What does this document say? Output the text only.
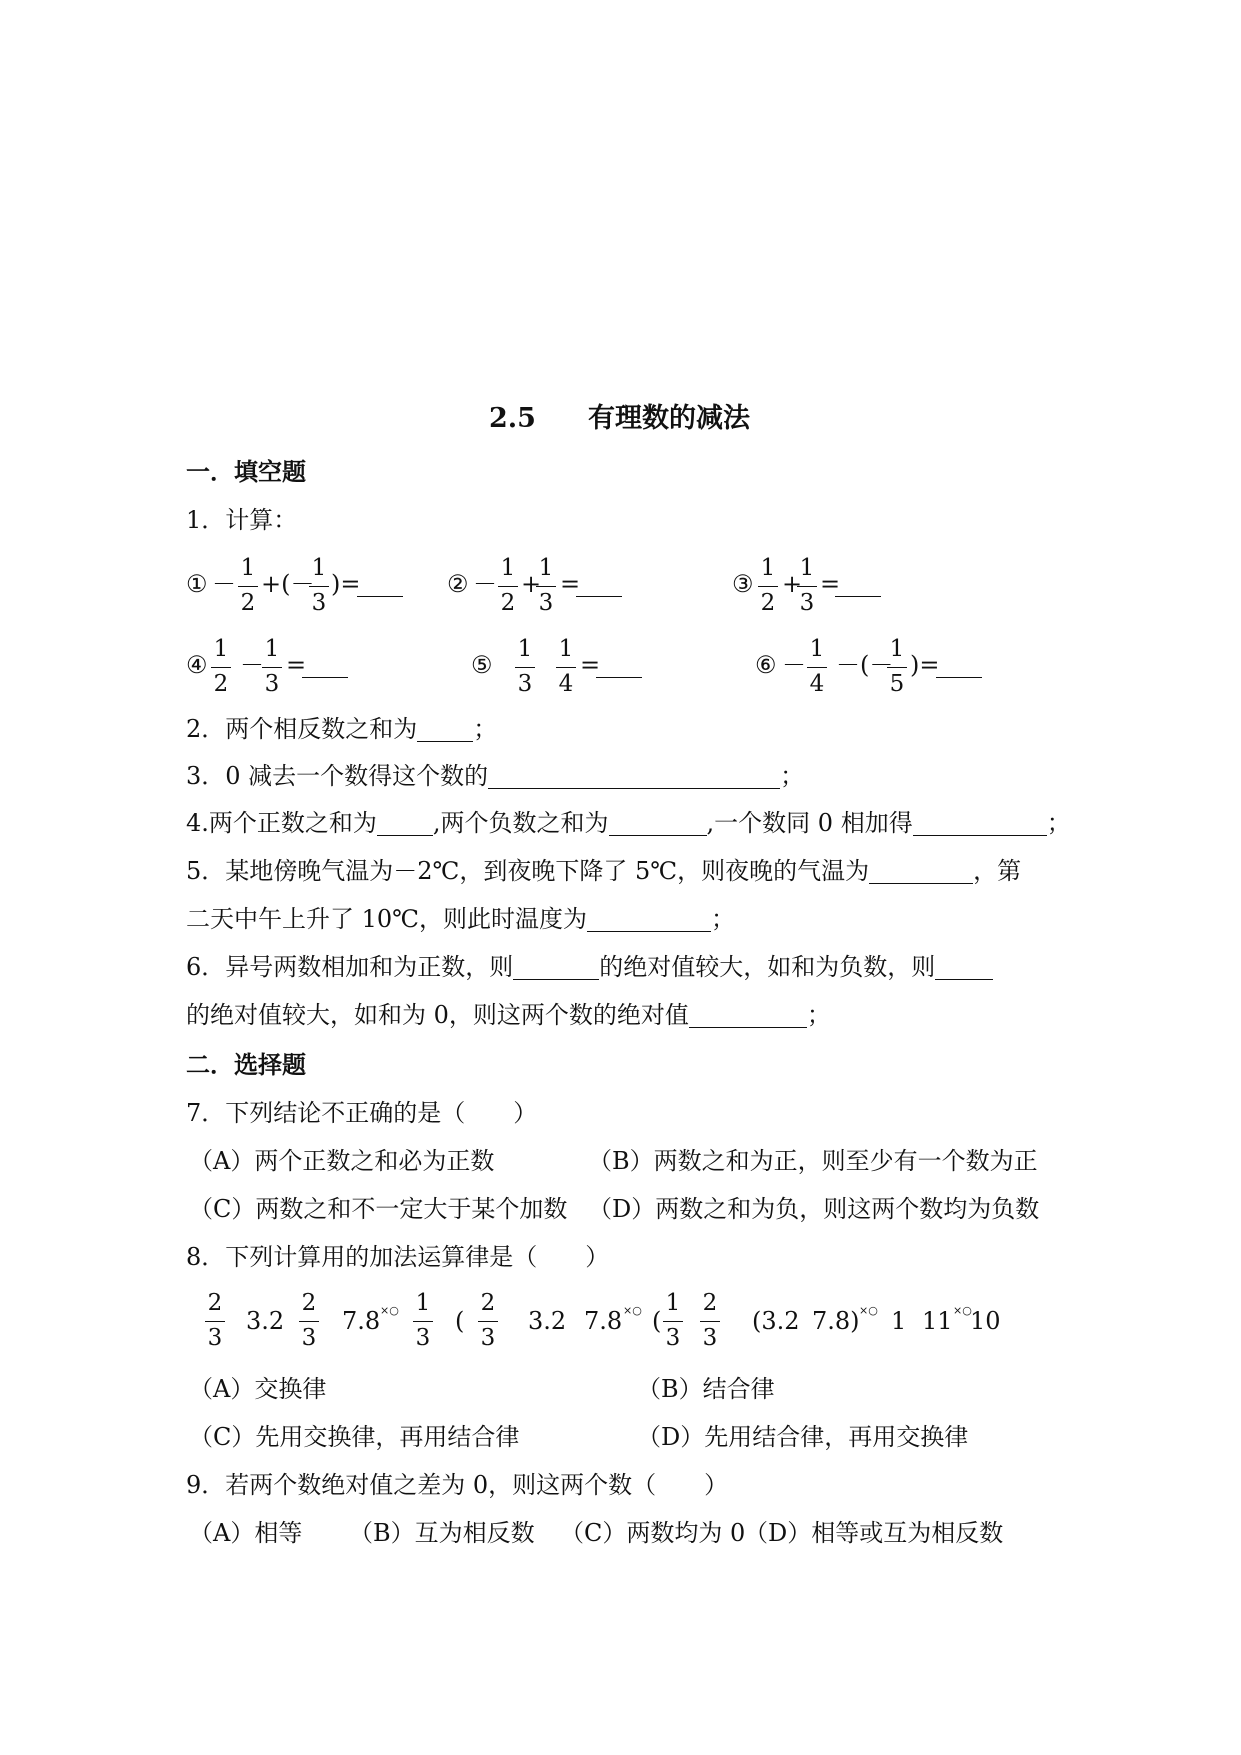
2.5 有理数的减法
一．填空题
1．计算：
① －
1
2
+(－
1
3
)=
	② －
1
2
+
1
3
=
	③
1
2
+
1
3
=

④
1
2
－
1
3
=
	⑤
1
3
1
4
=
	⑥ －
1
4
－(－
1
5
)=

2．两个相反数之和为 ；
3．0 减去一个数得这个数的	；
4.两个正数之和为 ,两个负数之和为	,一个数同 0 相加得	；
5．某地傍晚气温为－2℃，到夜晚下降了 5℃，则夜晚的气温为	，第
二天中午上升了 10℃，则此时温度为	；
6．异号两数相加和为正数，则	的绝对值较大，如和为负数，则
的绝对值较大，如和为 0，则这两个数的绝对值	；
二．选择题
7．下列结论不正确的是（　　）
（A）两个正数之和必为正数	（B）两数之和为正，则至少有一个数为正
（C）两数之和不一定大于某个加数 （D）两数之和为负，则这两个数均为负数
8．下列计算用的加法运算律是（　　）
2
3
3.2
2
3
7.8 ×○ 1
3
(
2
3
3.2 7.8 ×○ (
1
3
2
3
(3.2 7.8) ×○ 1 11 ×○
10
（A）交换律	（B）结合律
（C）先用交换律，再用结合律	（D）先用结合律，再用交换律
9．若两个数绝对值之差为 0，则这两个数（　　）
（A）相等 （B）互为相反数 （C）两数均为 0
（D）相等或互为相反数
